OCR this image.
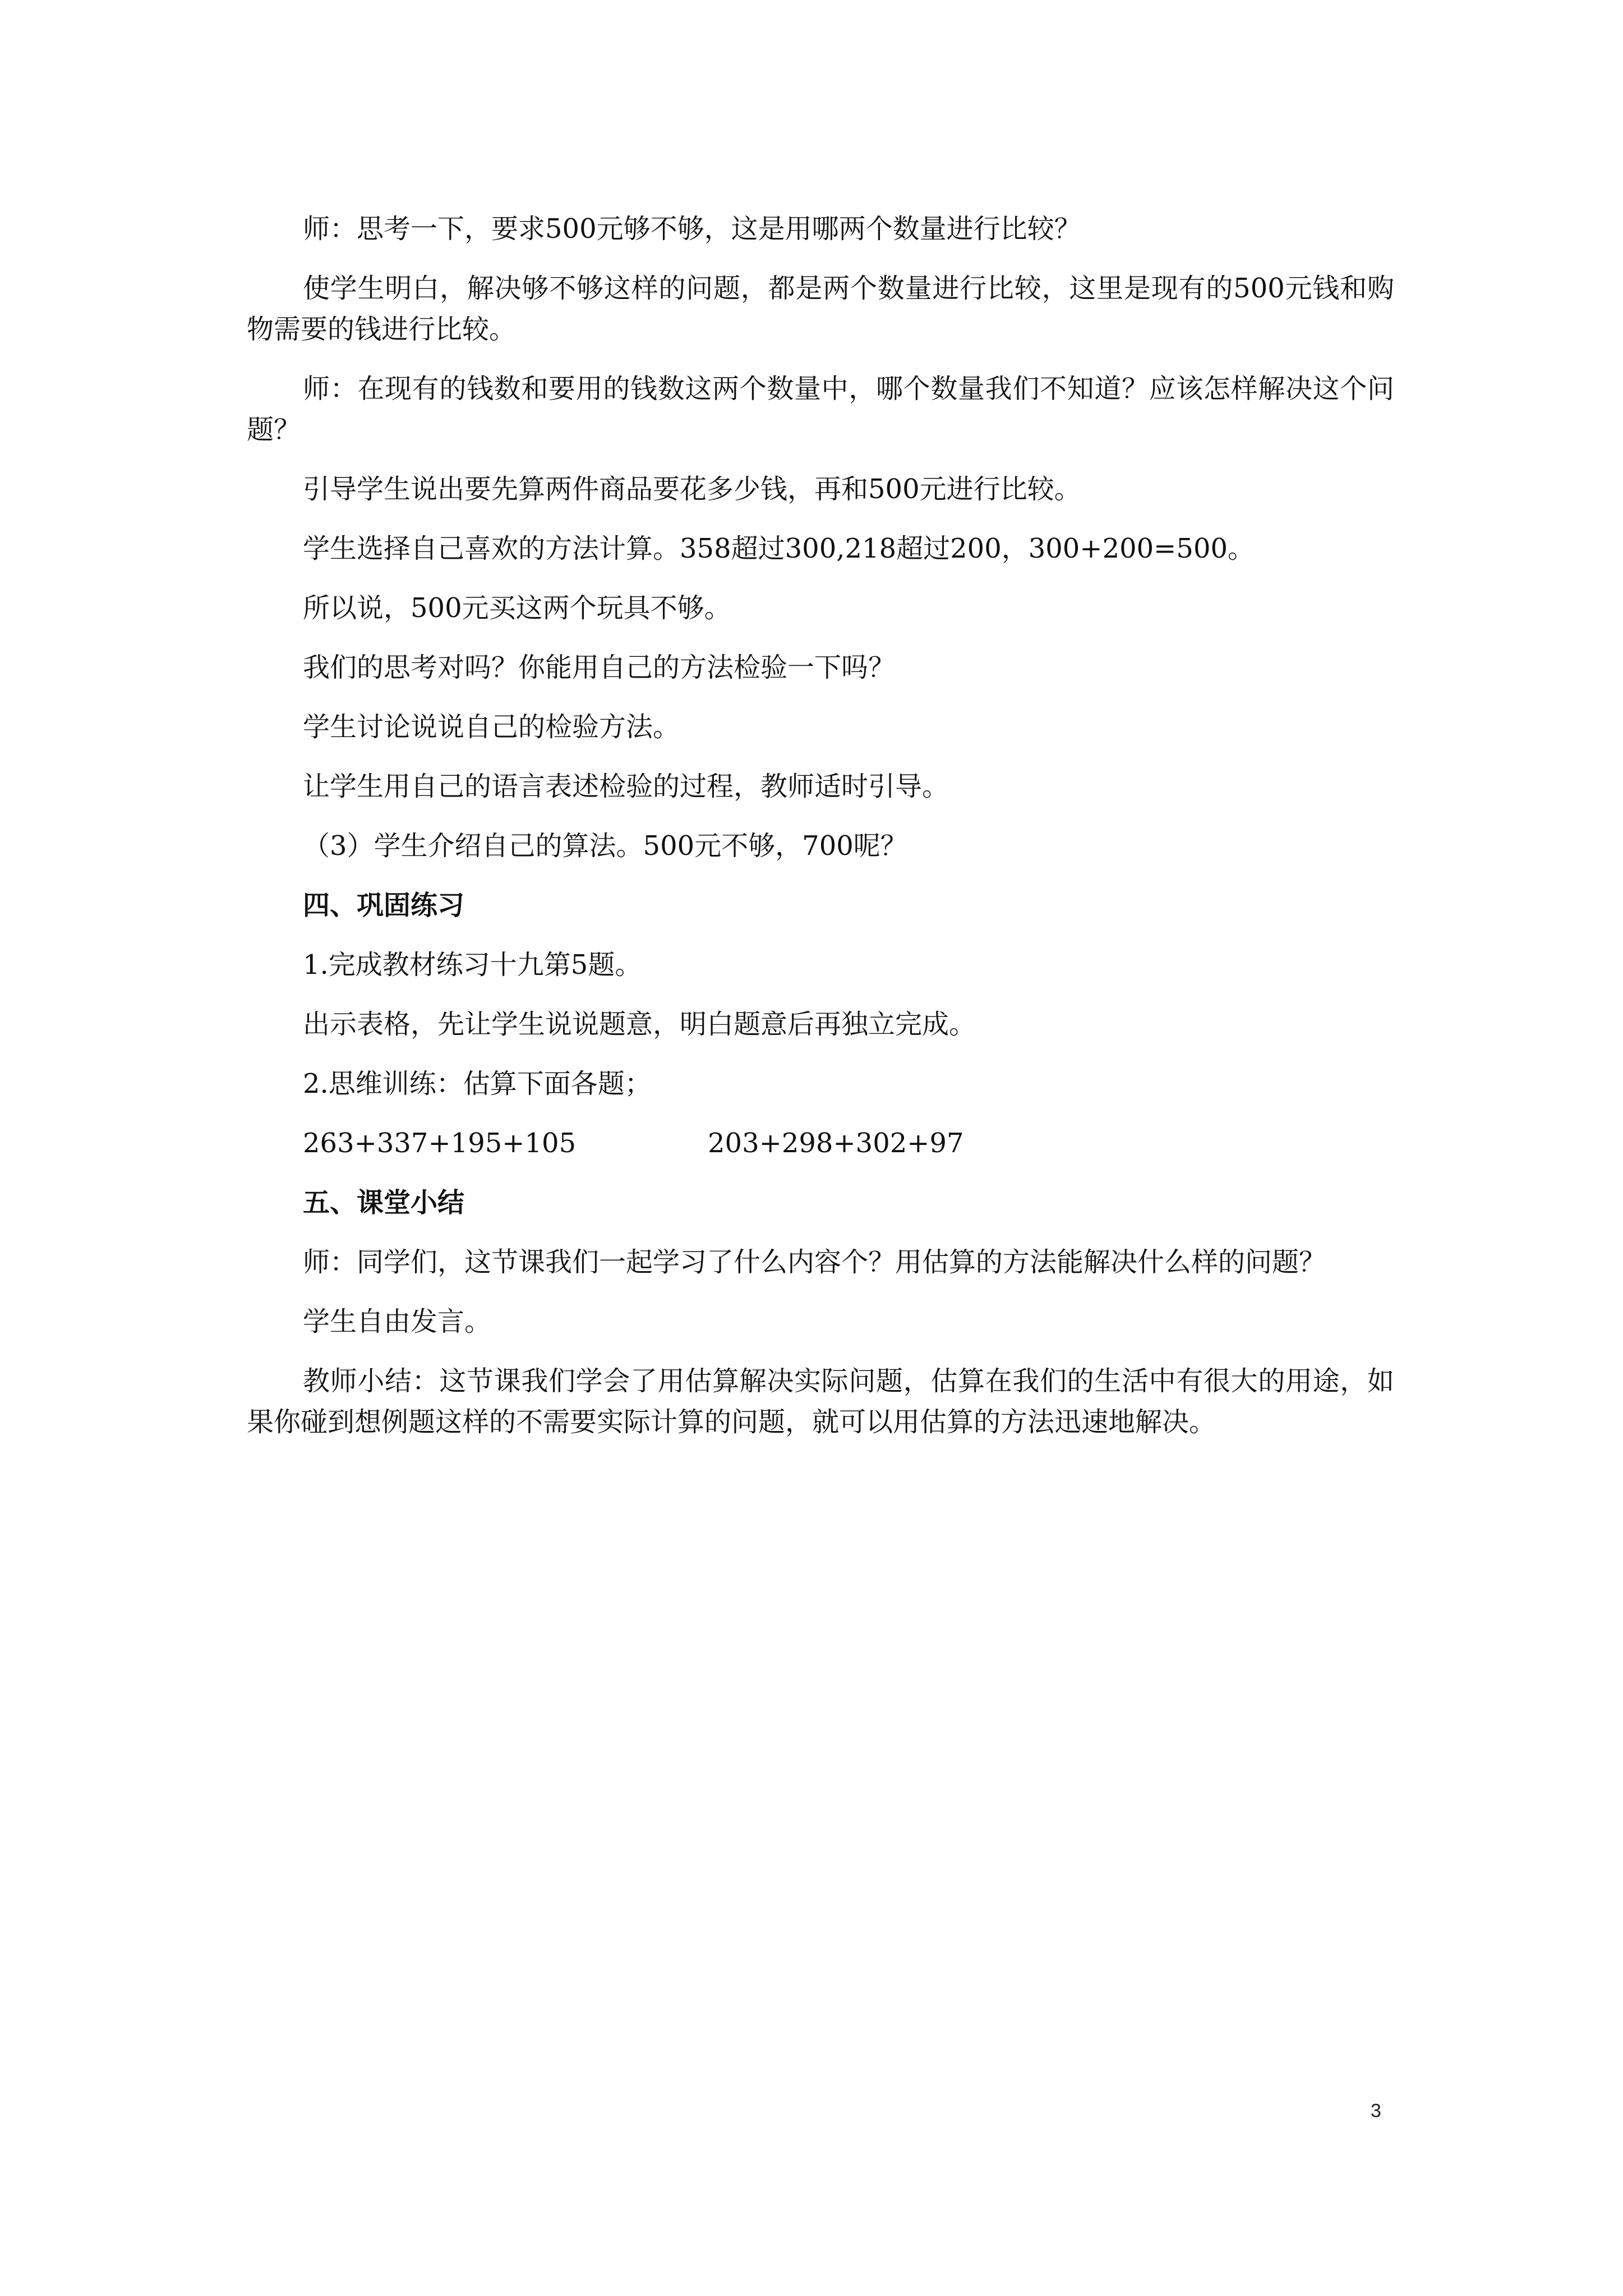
师：思考一下，要求500元够不够，这是用哪两个数量进行比较？

使学生明白，解决够不够这样的问题，都是两个数量进行比较，这里是现有的500元钱和购物需要的钱进行比较。

师：在现有的钱数和要用的钱数这两个数量中，哪个数量我们不知道？应该怎样解决这个问题？

引导学生说出要先算两件商品要花多少钱，再和500元进行比较。

学生选择自己喜欢的方法计算。358超过300,218超过200，300+200=500。

所以说，500元买这两个玩具不够。

我们的思考对吗？你能用自己的方法检验一下吗？

学生讨论说说自己的检验方法。

让学生用自己的语言表述检验的过程，教师适时引导。

（3）学生介绍自己的算法。500元不够，700呢？

四、巩固练习

1.完成教材练习十九第5题。

出示表格，先让学生说说题意，明白题意后再独立完成。

2.思维训练：估算下面各题；

263+337+195+105	203+298+302+97
五、课堂小结

师：同学们，这节课我们一起学习了什么内容个？用估算的方法能解决什么样的问题？

学生自由发言。

教师小结：这节课我们学会了用估算解决实际问题，估算在我们的生活中有很大的用途，如果你碰到想例题这样的不需要实际计算的问题，就可以用估算的方法迅速地解决。

3
